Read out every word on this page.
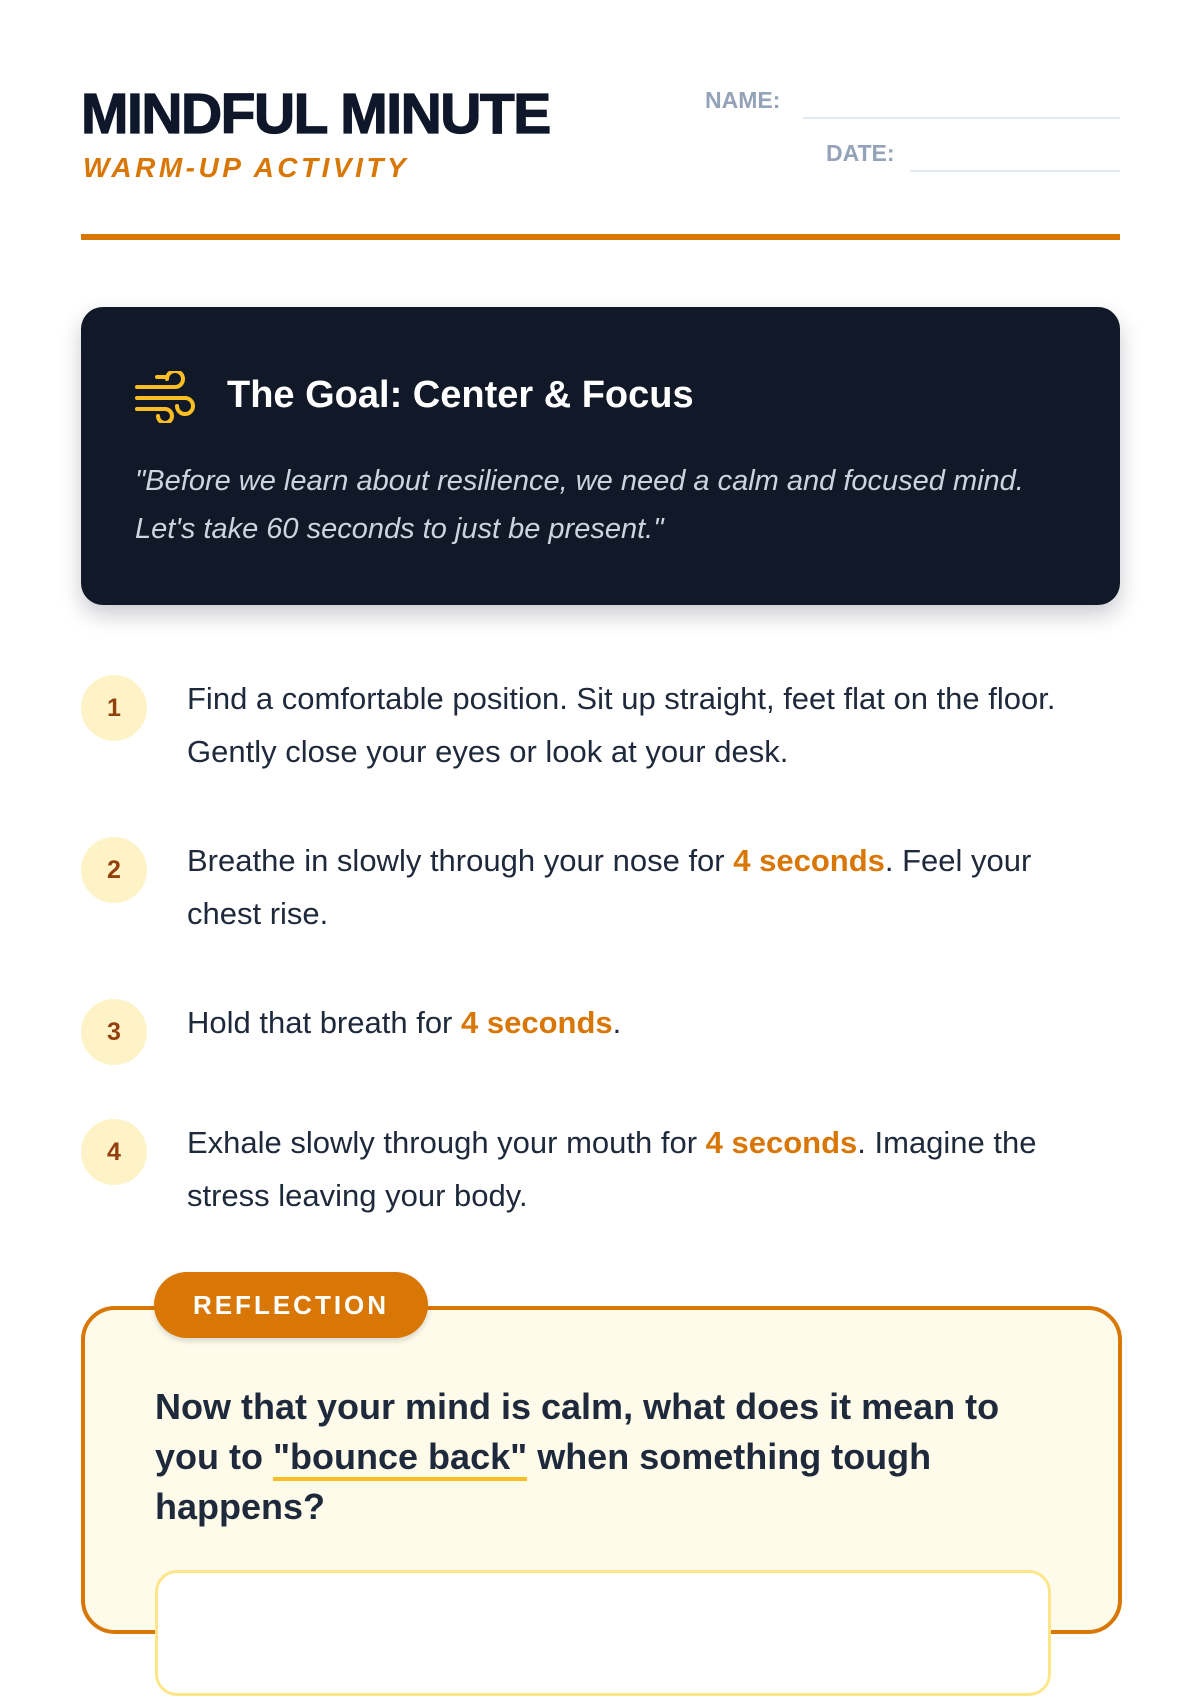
MINDFUL MINUTE
WARM-UP ACTIVITY
NAME:
DATE:
The Goal: Center & Focus
"Before we learn about resilience, we need a calm and focused mind. Let's take 60 seconds to just be present."
1	Find a comfortable position. Sit up straight, feet flat on the floor. Gently close your eyes or look at your desk.
2	Breathe in slowly through your nose for 4 seconds. Feel your chest rise.
3	Hold that breath for 4 seconds.
4	Exhale slowly through your mouth for 4 seconds. Imagine the stress leaving your body.
Now that your mind is calm, what does it mean to you to "bounce back" when something tough happens?
REFLECTION
